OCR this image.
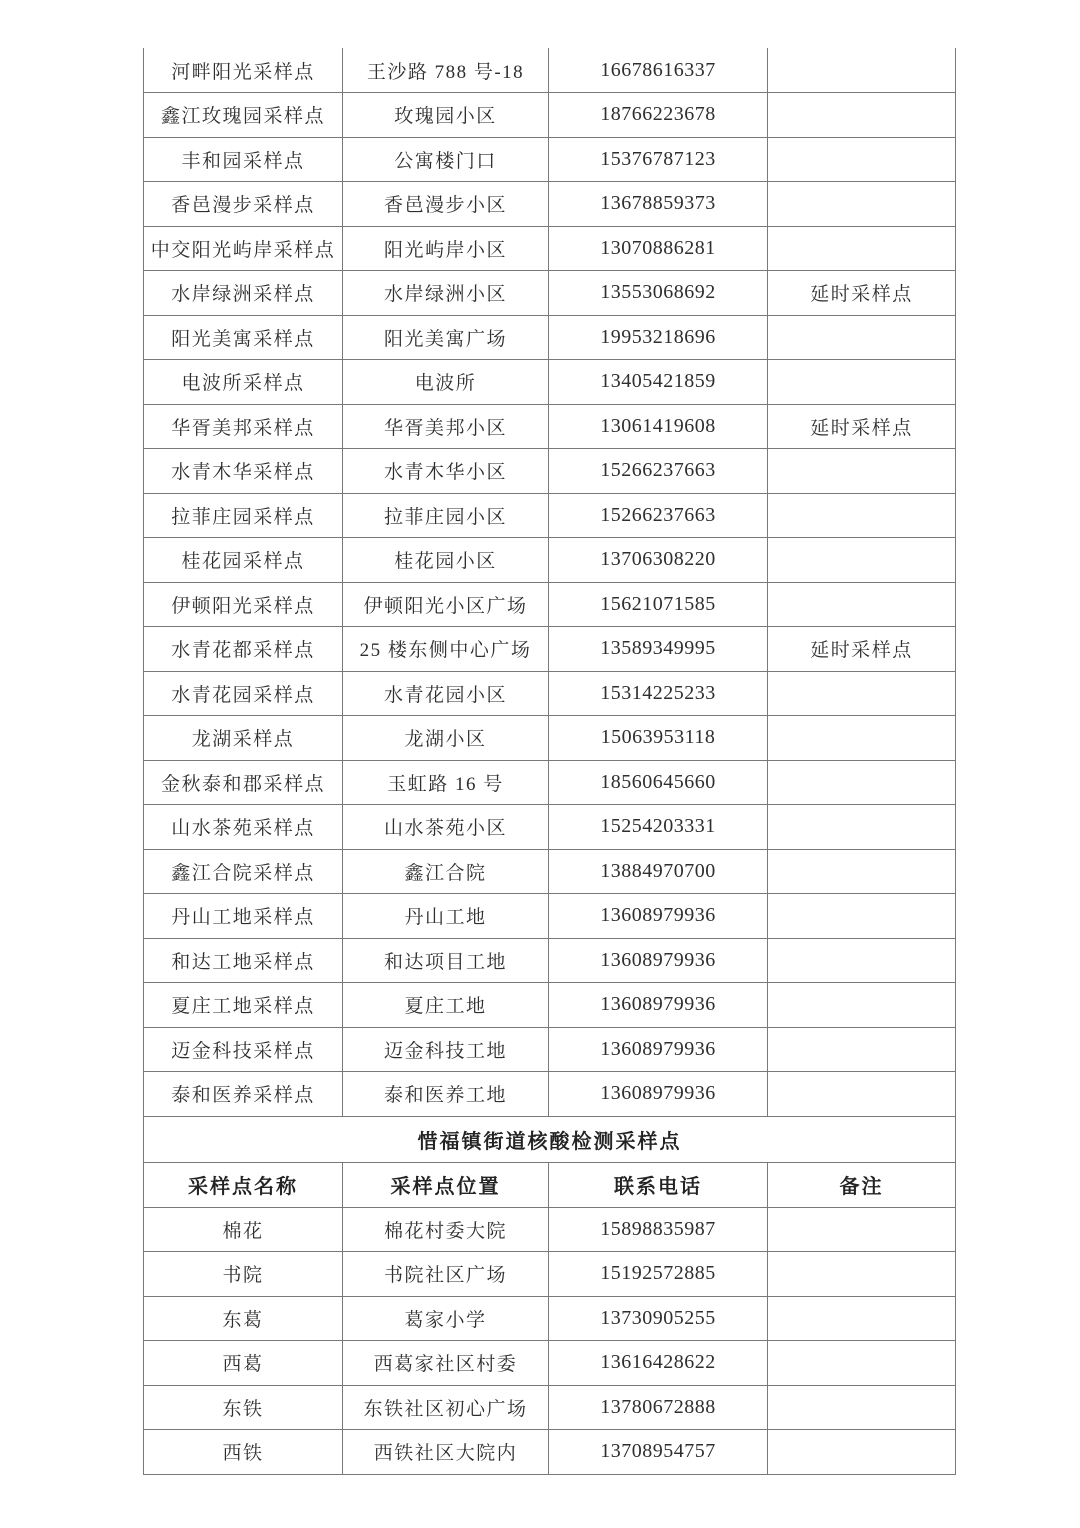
河畔阳光采样点	王沙路 788 号-18	16678616337	
鑫江玫瑰园采样点	玫瑰园小区	18766223678	
丰和园采样点	公寓楼门口	15376787123	
香邑漫步采样点	香邑漫步小区	13678859373	
中交阳光屿岸采样点	阳光屿岸小区	13070886281	
水岸绿洲采样点	水岸绿洲小区	13553068692	延时采样点
阳光美寓采样点	阳光美寓广场	19953218696	
电波所采样点	电波所	13405421859	
华胥美邦采样点	华胥美邦小区	13061419608	延时采样点
水青木华采样点	水青木华小区	15266237663	
拉菲庄园采样点	拉菲庄园小区	15266237663	
桂花园采样点	桂花园小区	13706308220	
伊顿阳光采样点	伊顿阳光小区广场	15621071585	
水青花都采样点	25 楼东侧中心广场	13589349995	延时采样点
水青花园采样点	水青花园小区	15314225233	
龙湖采样点	龙湖小区	15063953118	
金秋泰和郡采样点	玉虹路 16 号	18560645660	
山水茶苑采样点	山水茶苑小区	15254203331	
鑫江合院采样点	鑫江合院	13884970700	
丹山工地采样点	丹山工地	13608979936	
和达工地采样点	和达项目工地	13608979936	
夏庄工地采样点	夏庄工地	13608979936	
迈金科技采样点	迈金科技工地	13608979936	
泰和医养采样点	泰和医养工地	13608979936	
惜福镇街道核酸检测采样点			
采样点名称	采样点位置	联系电话	备注
棉花	棉花村委大院	15898835987	
书院	书院社区广场	15192572885	
东葛	葛家小学	13730905255	
西葛	西葛家社区村委	13616428622	
东铁	东铁社区初心广场	13780672888	
西铁	西铁社区大院内	13708954757	
